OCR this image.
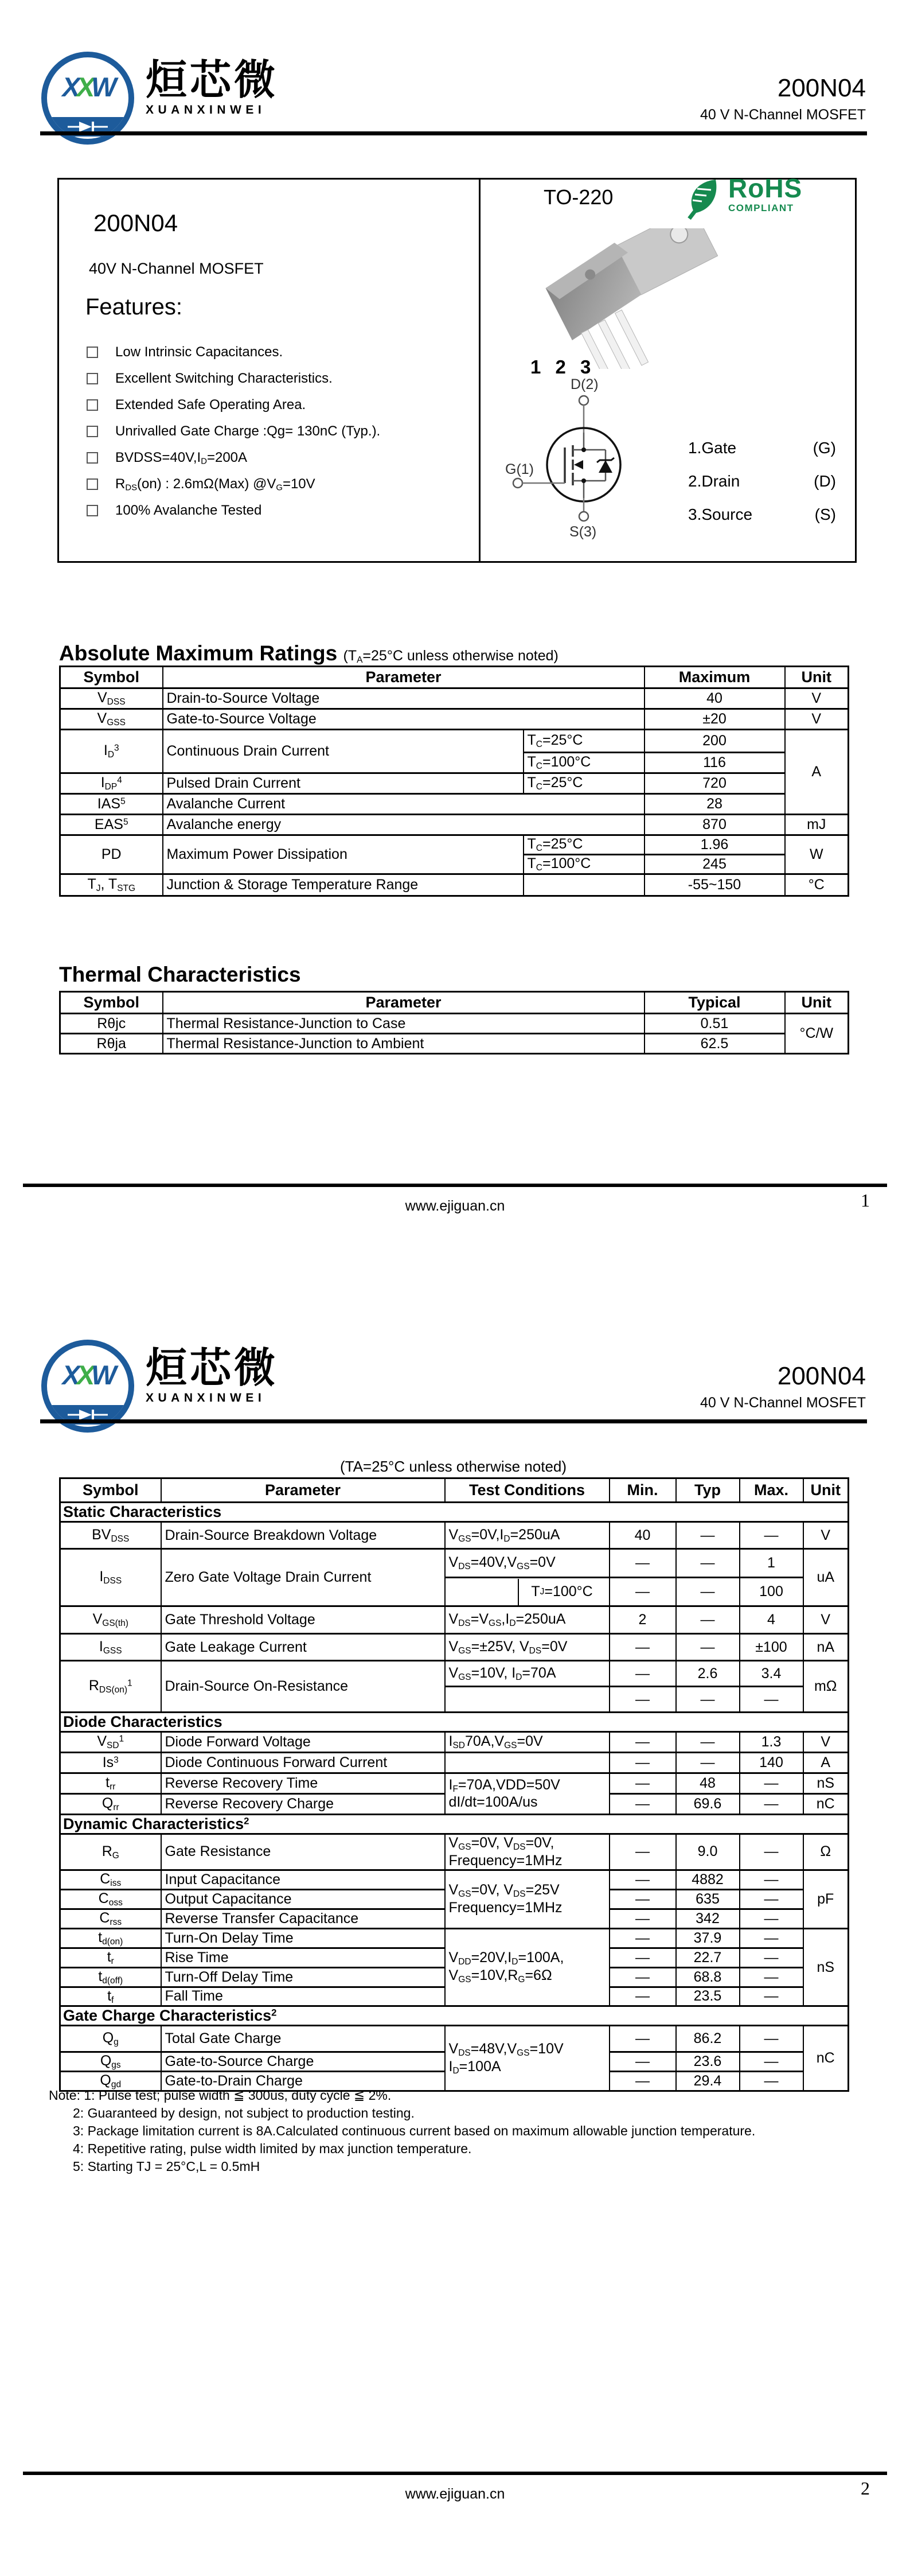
XXW 烜芯微
XUANXINWEI
200N04
40 V N-Channel MOSFET
200N04
40V N-Channel MOSFET
Features:
Low Intrinsic Capacitances.
Excellent Switching Characteristics.
Extended Safe Operating Area.
Unrivalled Gate Charge :Qg= 130nC (Typ.).
$BVDSS=40V,I_D=200A$
$R_{DS}(on)$ : 2.6mΩ(Max) $@V_G=10V$
100% Avalanche Tested
TO-220	RoHS
COMPLIANT
1 2 3
D(2)
G(1)
S(3)
1.Gate	(G)
2.Drain	(D)
3.Source	(S)
Absolute Maximum Ratings ($T_A=25^\circ C$ unless otherwise noted)
Symbol	Parameter		Maximum	Unit
$V_{DSS}$	Drain-to-Source Voltage		40	V
$V_{GSS}$	Gate-to-Source Voltage		±20	V
$I_D^3$	Continuous Drain Current	$T_C=25^\circ C$	200	A
		$T_C=100^\circ C$	116	
$I_{DP}^4$	Pulsed Drain Current	$T_C=25^\circ C$	720	
IAS$^5$	Avalanche Current		28	
EAS$^5$	Avalanche energy		870	mJ
PD	Maximum Power Dissipation	$T_C=25^\circ C$	1.96	W
		$T_C=100^\circ C$	245	
$T_J$, $T_{STG}$	Junction & Storage Temperature Range		-55~150	°C
Thermal Characteristics
Symbol	Parameter	Typical	Unit
Rθjc	Thermal Resistance-Junction to Case	0.51	°C/W
Rθja	Thermal Resistance-Junction to Ambient	62.5	
www.ejiguan.cn	1
XXW 烜芯微
XUANXINWEI
200N04
40 V N-Channel MOSFET
(TA=25°C unless otherwise noted)
Symbol	Parameter	Test Conditions	Min.	Typ	Max.	Unit
Static Characteristics						
$BV_{DSS}$	Drain-Source Breakdown Voltage	$V_{GS}=0V,I_D=250uA$	40	—	—	V
$I_{DSS}$	Zero Gate Voltage Drain Current	$V_{DS}=40V,V_{GS}=0V$	—	—	1	uA

T J =100°C	—	—	100	
$V_{GS(th)}$	Gate Threshold Voltage	$V_{DS}=V_{GS},I_D=250uA$	2	—	4	V
$I_{GSS}$	Gate Leakage Current	$V_{GS}=\pm 25V$, $V_{DS}=0V$	—	—	±100	nA
$R_{DS(on)}^1$	Drain-Source On-Resistance	$V_{GS}=10V$, $I_D=70A$	—	2.6	3.4	mΩ
			—	—	—	
Diode Characteristics						
$V_{SD}^1$	Diode Forward Voltage	$I_{SD}70A,V_{GS}=0V$	—	—	1.3	V
Is$^3$	Diode Continuous Forward Current		—	—	140	A
$t_{rr}$	Reverse Recovery Time	$I_F=70A,VDD=50V$
dI/dt=100A/us	—	48	—	nS
$Q_{rr}$	Reverse Recovery Charge		—	69.6	—	nC
Dynamic Characteristics$^2$
$R_G$	Gate Resistance	$V_{GS}=0V$, $V_{DS}=0V$,
Frequency=1MHz	—	9.0	—	Ω
$C_{iss}$	Input Capacitance	$V_{GS}=0V$, $V_{DS}=25V$
Frequency=1MHz	—	4882	—	pF
$C_{oss}$	Output Capacitance		—	635	—	
$C_{rss}$	Reverse Transfer Capacitance		—	342	—	
$t_{d(on)}$	Turn-On Delay Time	$V_{DD}=20V,I_D=100A$,
$V_{GS}=10V,R_G=6\Omega$	—	37.9	—	nS
$t_r$	Rise Time		—	22.7	—	
$t_{d(off)}$	Turn-Off Delay Time		—	68.8	—	
$t_f$	Fall Time		—	23.5	—	
Gate Charge Characteristics$^2$
$Q_g$	Total Gate Charge	$V_{DS}=48V,V_{GS}=10V$
$I_D=100A$	—	86.2	—	nC
$Q_{gs}$	Gate-to-Source Charge		—	23.6	—	
$Q_{gd}$	Gate-to-Drain Charge		—	29.4	—	
Note: 1: Pulse test; pulse width ≦ 300us, duty cycle ≦ 2%.
2: Guaranteed by design, not subject to production testing.
3: Package limitation current is 8A.Calculated continuous current based on maximum allowable junction temperature.
4: Repetitive rating, pulse width limited by max junction temperature.
5: Starting TJ = 25°C,L = 0.5mH
www.ejiguan.cn	2
